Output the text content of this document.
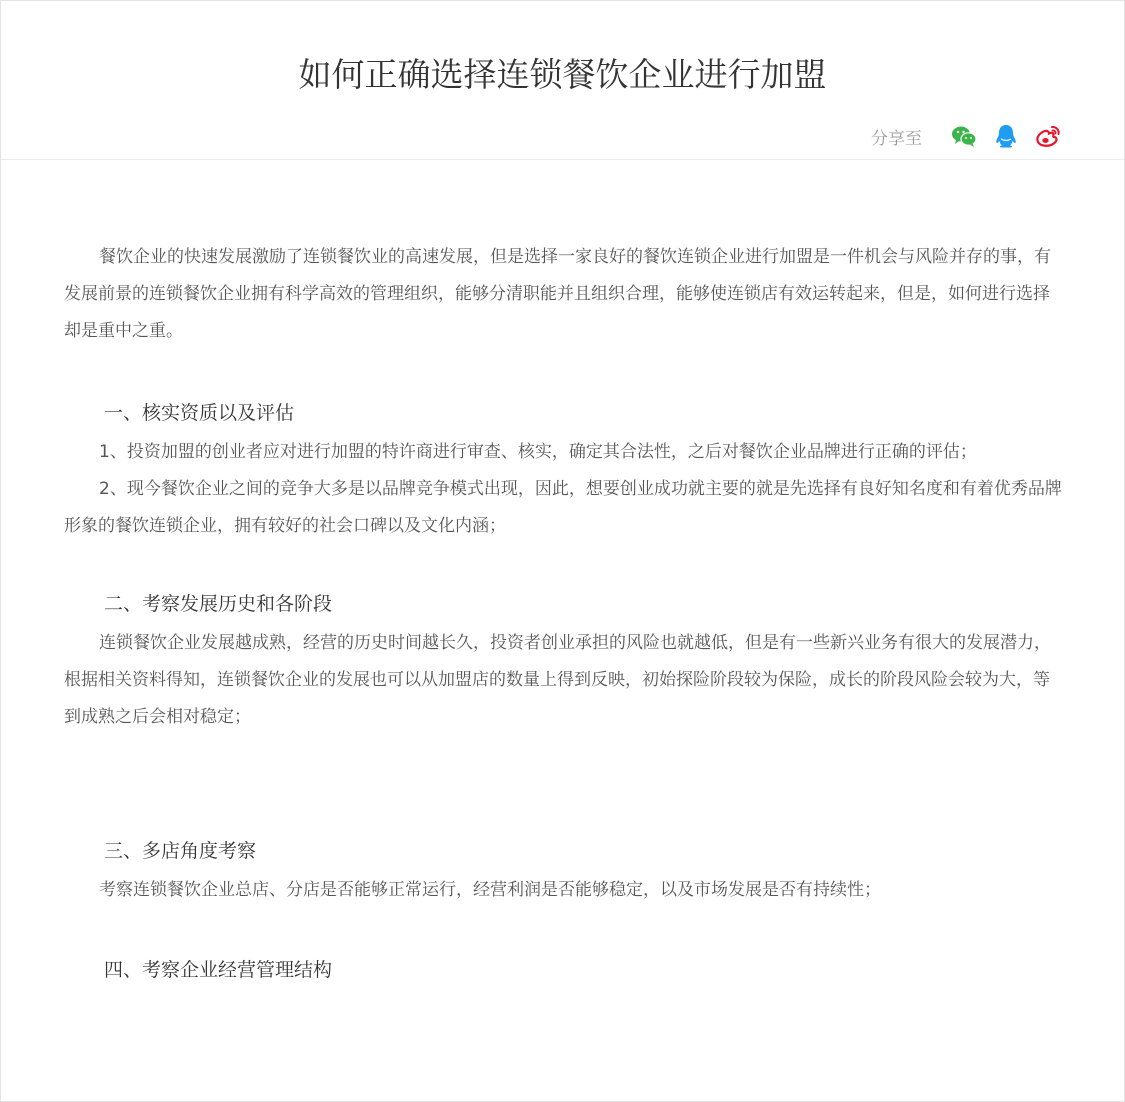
如何正确选择连锁餐饮企业进行加盟
分享至

餐饮企业的快速发展激励了连锁餐饮业的高速发展，但是选择一家良好的餐饮连锁企业进行加盟是一件机会与风险并存的事，有发展前景的连锁餐饮企业拥有科学高效的管理组织，能够分清职能并且组织合理，能够使连锁店有效运转起来，但是，如何进行选择却是重中之重。

一、核实资质以及评估

1、投资加盟的创业者应对进行加盟的特许商进行审查、核实，确定其合法性，之后对餐饮企业品牌进行正确的评估；

2、现今餐饮企业之间的竞争大多是以品牌竞争模式出现，因此，想要创业成功就主要的就是先选择有良好知名度和有着优秀品牌形象的餐饮连锁企业，拥有较好的社会口碑以及文化内涵；

二、考察发展历史和各阶段

连锁餐饮企业发展越成熟，经营的历史时间越长久，投资者创业承担的风险也就越低，但是有一些新兴业务有很大的发展潜力，根据相关资料得知，连锁餐饮企业的发展也可以从加盟店的数量上得到反映，初始探险阶段较为保险，成长的阶段风险会较为大，等到成熟之后会相对稳定；

三、多店角度考察

考察连锁餐饮企业总店、分店是否能够正常运行，经营利润是否能够稳定，以及市场发展是否有持续性；

四、考察企业经营管理结构
